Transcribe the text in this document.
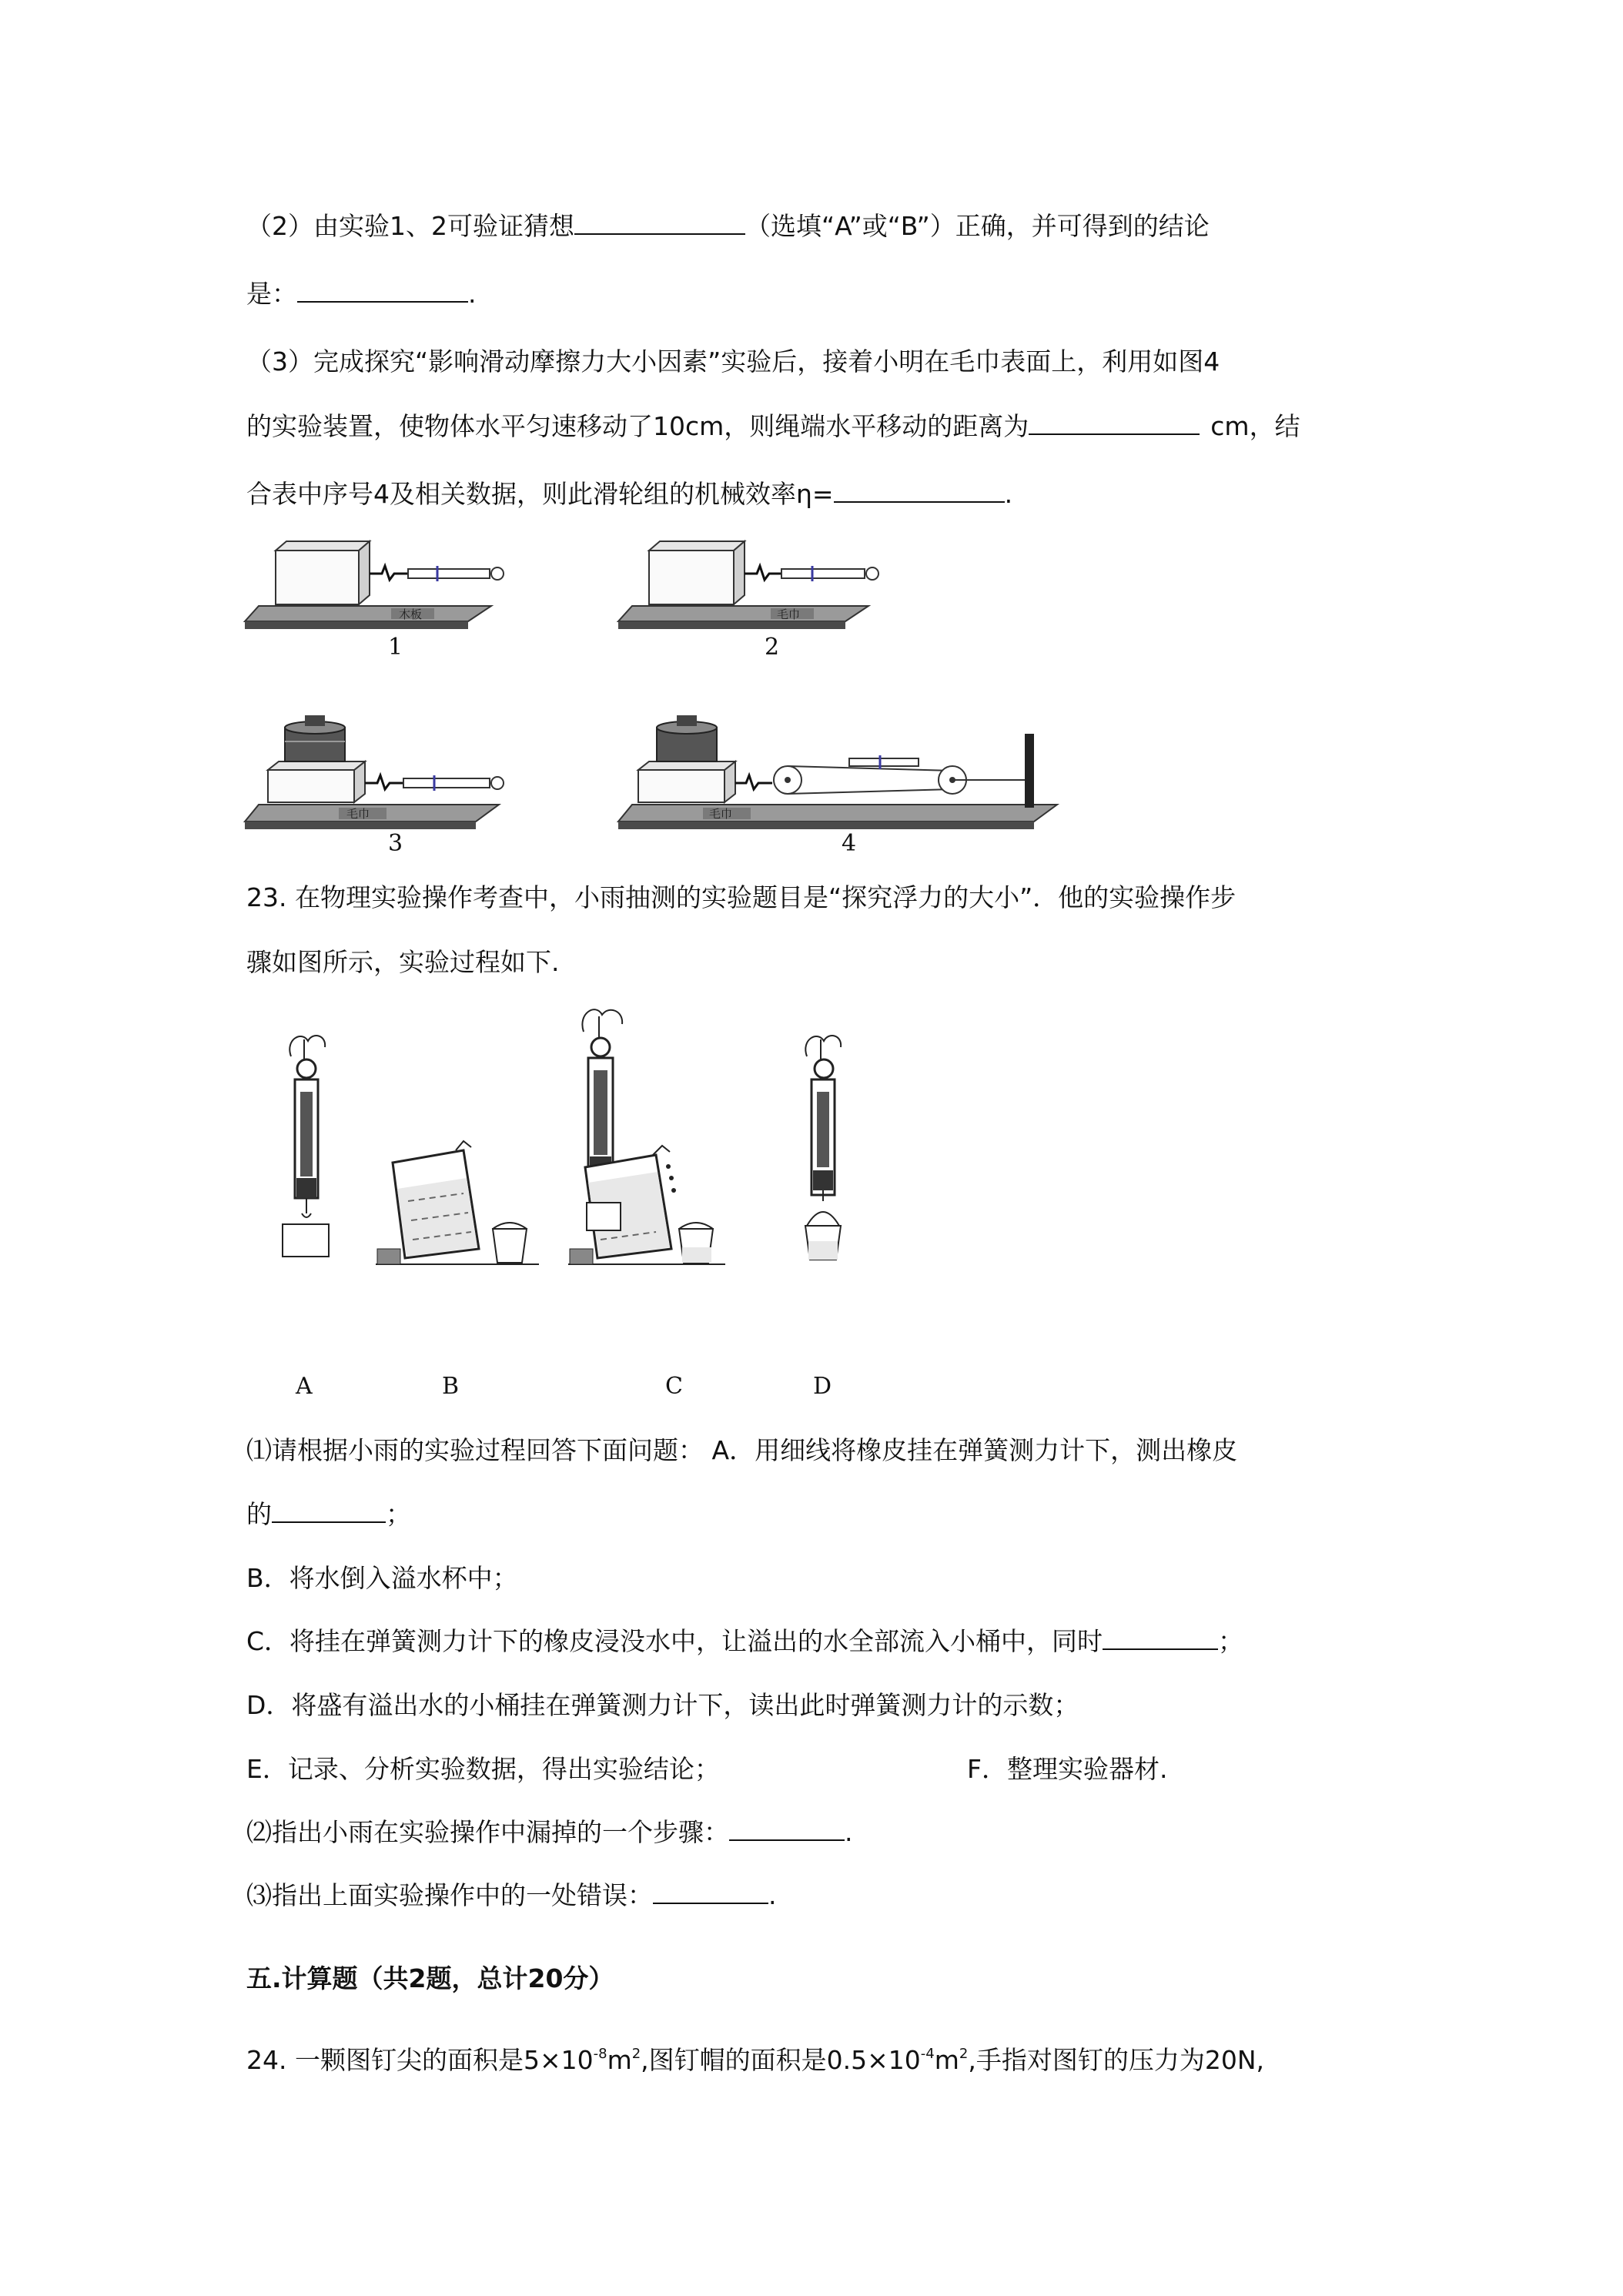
（2）由实验1、2可验证猜想	（选填“A”或“B”）正确，并可得到的结论
是：	.
（3）完成探究“影响滑动摩擦力大小因素”实验后，接着小明在毛巾表面上，利用如图4
的实验装置，使物体水平匀速移动了10cm，则绳端水平移动的距离为	cm，结
合表中序号4及相关数据，则此滑轮组的机械效率η=	.
木板
1
毛巾
2
毛巾
3
毛巾
4
23. 在物理实验操作考查中，小雨抽测的实验题目是“探究浮力的大小”．他的实验操作步
骤如图所示，实验过程如下.
A	B	C	D
⑴请根据小雨的实验过程回答下面问题： A．用细线将橡皮挂在弹簧测力计下，测出橡皮
的	；
B．将水倒入溢水杯中；
C．将挂在弹簧测力计下的橡皮浸没水中，让溢出的水全部流入小桶中，同时	；
D．将盛有溢出水的小桶挂在弹簧测力计下，读出此时弹簧测力计的示数；
E．记录、分析实验数据，得出实验结论；	F．整理实验器材.
⑵指出小雨在实验操作中漏掉的一个步骤：	.
⑶指出上面实验操作中的一处错误：	.
五.计算题（共2题，总计20分）
24. 一颗图钉尖的面积是$5\times 10^{-8}m^2$,图钉帽的面积是$0.5\times 10^{-4}m^2$,手指对图钉的压力为20N,
